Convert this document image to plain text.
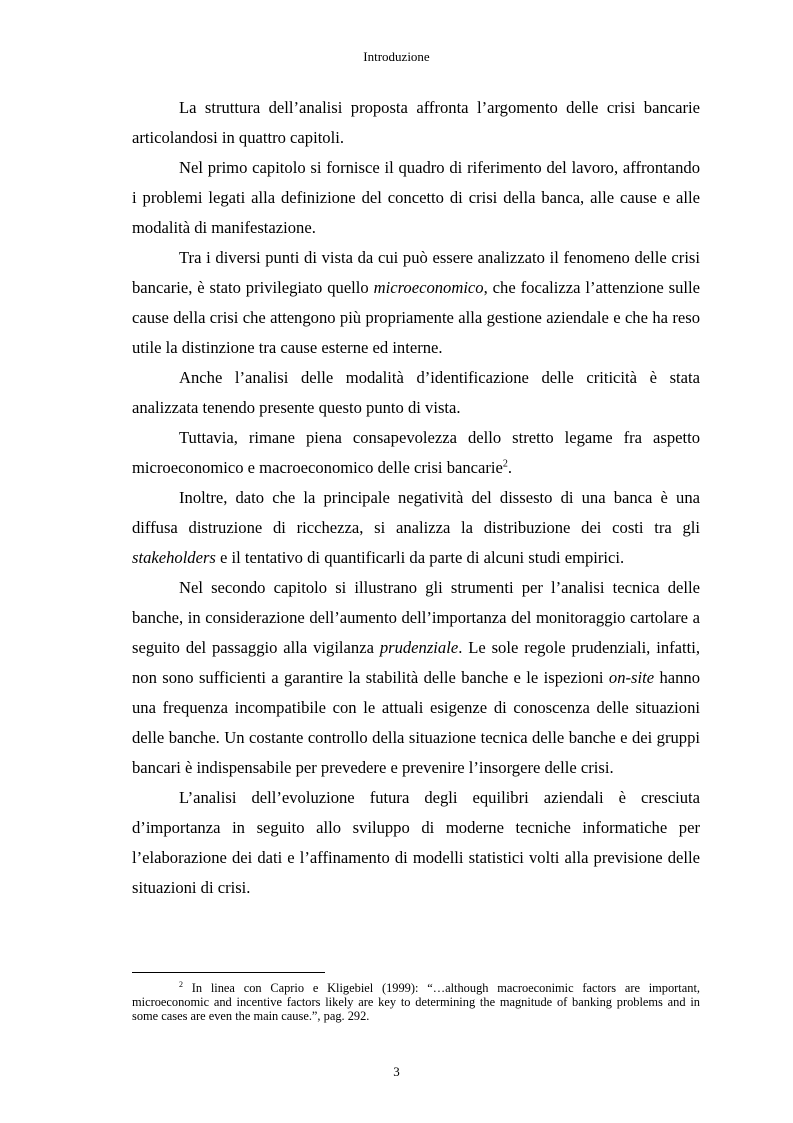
Introduzione

La struttura dell’analisi proposta affronta l’argomento delle crisi bancarie articolandosi in quattro capitoli.

Nel primo capitolo si fornisce il quadro di riferimento del lavoro, affrontando i problemi legati alla definizione del concetto di crisi della banca, alle cause e alle modalità di manifestazione.

Tra i diversi punti di vista da cui può essere analizzato il fenomeno delle crisi bancarie, è stato privilegiato quello microeconomico, che focalizza l’attenzione sulle cause della crisi che attengono più propriamente alla gestione aziendale e che ha reso utile la distinzione tra cause esterne ed interne.

Anche l’analisi delle modalità d’identificazione delle criticità è stata analizzata tenendo presente questo punto di vista.

Tuttavia, rimane piena consapevolezza dello stretto legame fra aspetto microeconomico e macroeconomico delle crisi bancarie$^2$.

Inoltre, dato che la principale negatività del dissesto di una banca è una diffusa distruzione di ricchezza, si analizza la distribuzione dei costi tra gli stakeholders e il tentativo di quantificarli da parte di alcuni studi empirici.

Nel secondo capitolo si illustrano gli strumenti per l’analisi tecnica delle banche, in considerazione dell’aumento dell’importanza del monitoraggio cartolare a seguito del passaggio alla vigilanza prudenziale. Le sole regole prudenziali, infatti, non sono sufficienti a garantire la stabilità delle banche e le ispezioni on-site hanno una frequenza incompatibile con le attuali esigenze di conoscenza delle situazioni delle banche. Un costante controllo della situazione tecnica delle banche e dei gruppi bancari è indispensabile per prevedere e prevenire l’insorgere delle crisi.

L’analisi dell’evoluzione futura degli equilibri aziendali è cresciuta d’importanza in seguito allo sviluppo di moderne tecniche informatiche per l’elaborazione dei dati e l’affinamento di modelli statistici volti alla previsione delle situazioni di crisi.

$^2$ In linea con Caprio e Kligebiel (1999): “…although macroeconimic factors are important, microeconomic and incentive factors likely are key to determining the magnitude of banking problems and in some cases are even the main cause.”, pag. 292.

3
